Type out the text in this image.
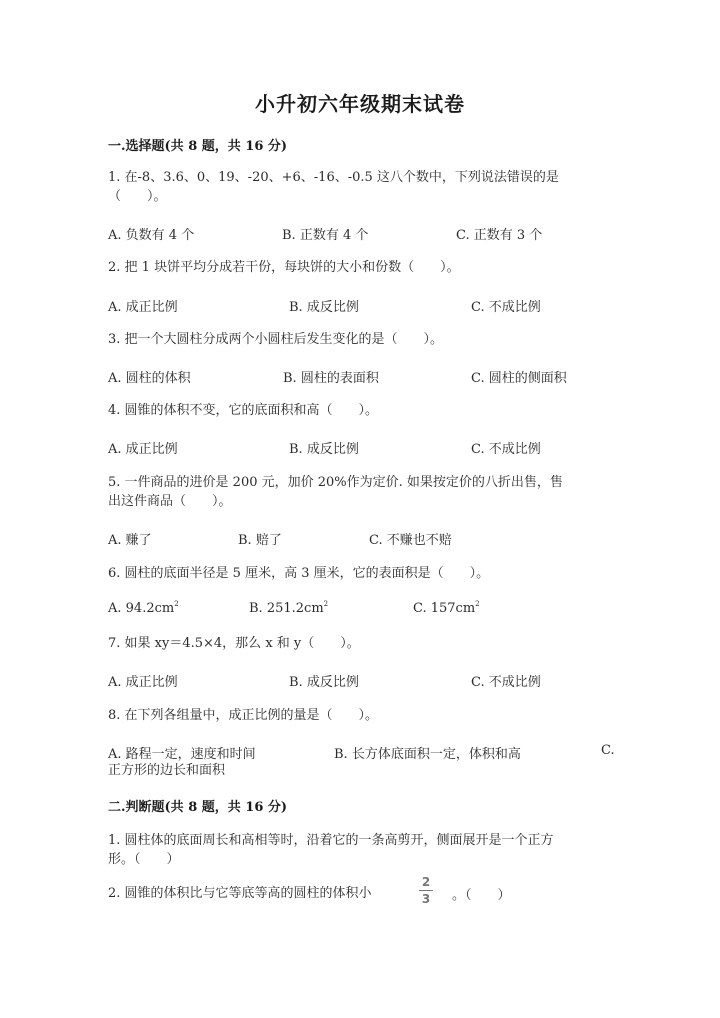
小升初六年级期末试卷
一.选择题(共 8 题，共 16 分)
1. 在-8、3.6、0、19、-20、+6、-16、-0.5 这八个数中，下列说法错误的是
（　　）。
A. 负数有 4 个	B. 正数有 4 个	C. 正数有 3 个
2. 把 1 块饼平均分成若干份，每块饼的大小和份数（　　）。
A. 成正比例	B. 成反比例	C. 不成比例
3. 把一个大圆柱分成两个小圆柱后发生变化的是（　　）。
A. 圆柱的体积	B. 圆柱的表面积	C. 圆柱的侧面积
4. 圆锥的体积不变，它的底面积和高（　　）。
A. 成正比例	B. 成反比例	C. 不成比例
5. 一件商品的进价是 200 元，加价 20%作为定价. 如果按定价的八折出售，售
出这件商品（　　）。
A. 赚了	B. 赔了	C. 不赚也不赔
6. 圆柱的底面半径是 5 厘米，高 3 厘米，它的表面积是（　　）。
A. $94.2cm^2$	B. $251.2cm^2$	C. $157cm^2$
7. 如果 xy＝4.5×4，那么 x 和 y（　　）。
A. 成正比例	B. 成反比例	C. 不成比例
8. 在下列各组量中，成正比例的量是（　　）。
A. 路程一定，速度和时间	B. 长方体底面积一定，体积和高	C.
正方形的边长和面积
二.判断题(共 8 题，共 16 分)
1. 圆柱体的底面周长和高相等时，沿着它的一条高剪开，侧面展开是一个正方
形。（　　）
2. 圆锥的体积比与它等底等高的圆柱的体积小
2
3 。（　　）
